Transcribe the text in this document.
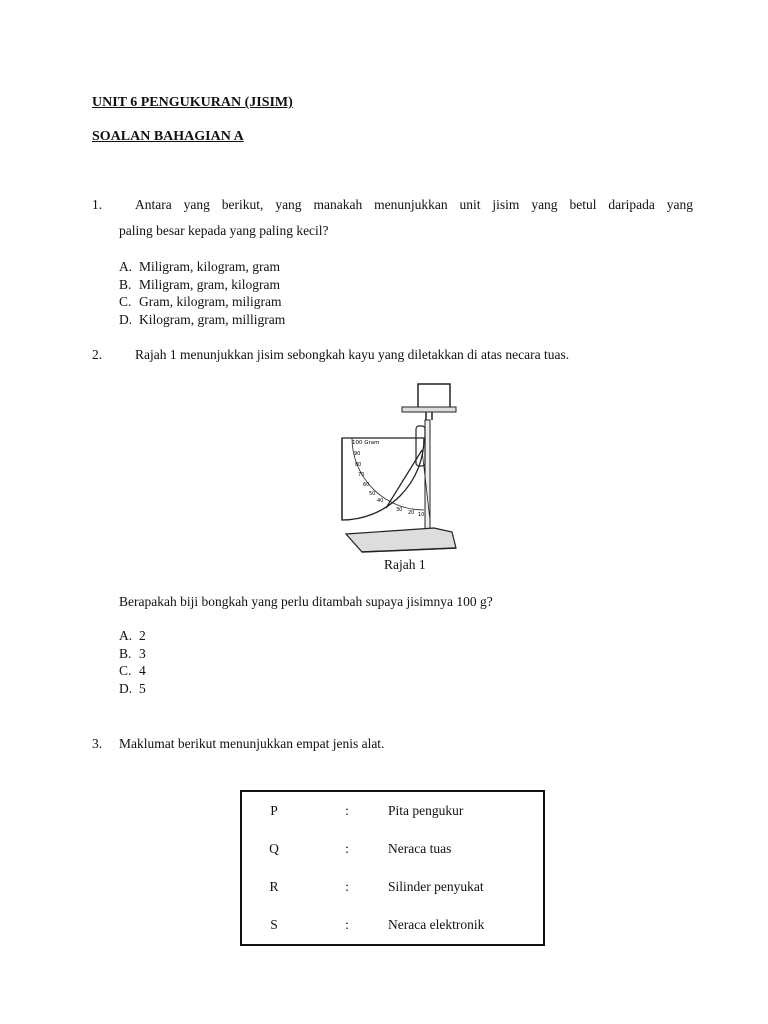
UNIT 6 PENGUKURAN (JISIM)
SOALAN BAHAGIAN A
1. Antara yang berikut, yang manakah menunjukkan unit jisim yang betul daripada yang
paling besar kepada yang paling kecil?
A. Miligram, kilogram, gram
B. Miligram, gram, kilogram
C. Gram, kilogram, miligram
D. Kilogram, gram, milligram
2. Rajah 1 menunjukkan jisim sebongkah kayu yang diletakkan di atas necara tuas.
100 Gram
90
80
70
60
50
40
30 20 10
Rajah 1
Berapakah biji bongkah yang perlu ditambah supaya jisimnya 100 g?
A. 2
B. 3
C. 4
D. 5
3. Maklumat berikut menunjukkan empat jenis alat.
P	:	Pita pengukur
Q	:	Neraca tuas
R	:	Silinder penyukat
S	:	Neraca elektronik
